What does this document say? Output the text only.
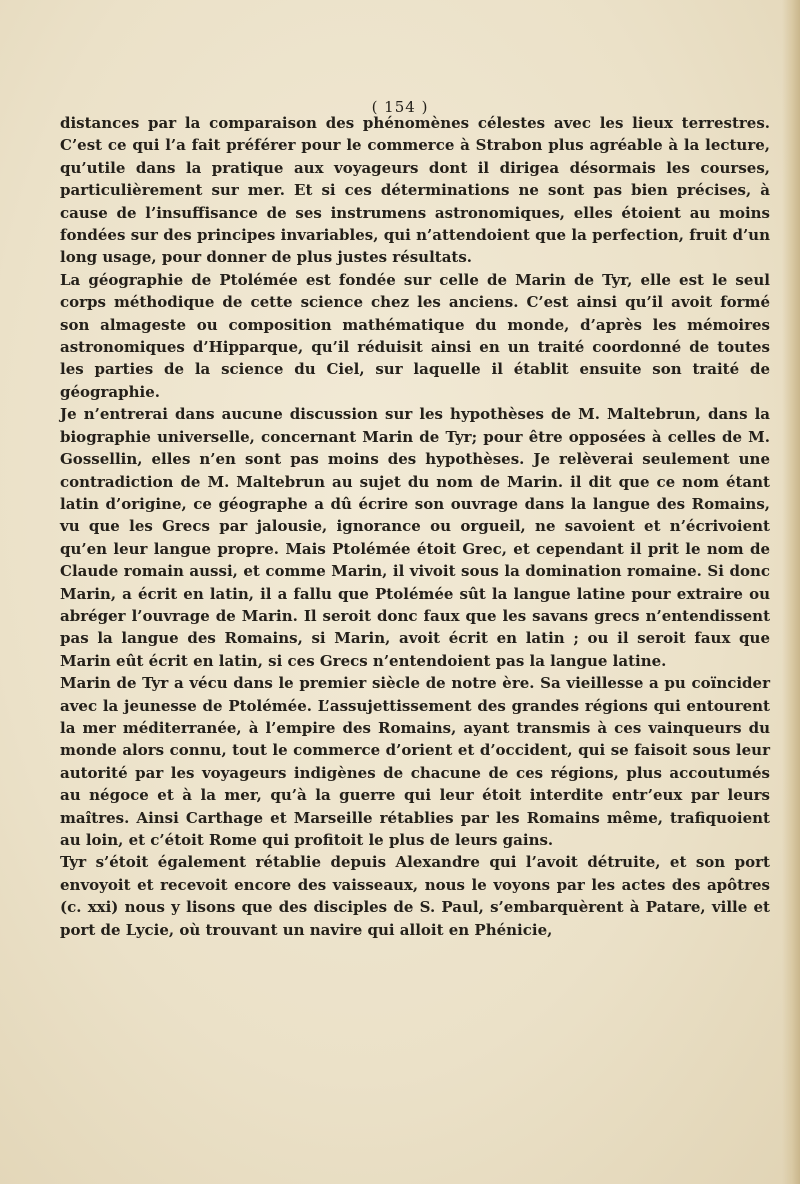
( 154 )

distances par la comparaison des phénomènes célestes avec les lieux terrestres. C’est ce qui l’a fait préférer pour le commerce à Strabon plus agréable à la lecture, qu’utile dans la pratique aux voyageurs dont il dirigea désormais les courses, particulièrement sur mer. Et si ces déterminations ne sont pas bien précises, à cause de l’insuffisance de ses instrumens astronomiques, elles étoient au moins fondées sur des principes invariables, qui n’attendoient que la perfection, fruit d’un long usage, pour donner de plus justes résultats.

La géographie de Ptolémée est fondée sur celle de Marin de Tyr, elle est le seul corps méthodique de cette science chez les anciens. C’est ainsi qu’il avoit formé son almageste ou composition mathématique du monde, d’après les mémoires astronomiques d’Hipparque, qu’il réduisit ainsi en un traité coordonné de toutes les parties de la science du Ciel, sur laquelle il établit ensuite son traité de géographie.

Je n’entrerai dans aucune discussion sur les hypothèses de M. Maltebrun, dans la biographie universelle, concernant Marin de Tyr; pour être opposées à celles de M. Gossellin, elles n’en sont pas moins des hypothèses. Je relèverai seulement une contradiction de M. Maltebrun au sujet du nom de Marin. il dit que ce nom étant latin d’origine, ce géographe a dû écrire son ouvrage dans la langue des Romains, vu que les Grecs par jalousie, ignorance ou orgueil, ne savoient et n’écrivoient qu’en leur langue propre. Mais Ptolémée étoit Grec, et cependant il prit le nom de Claude romain aussi, et comme Marin, il vivoit sous la domination romaine. Si donc Marin, a écrit en latin, il a fallu que Ptolémée sût la langue latine pour extraire ou abréger l’ouvrage de Marin. Il seroit donc faux que les savans grecs n’entendissent pas la langue des Romains, si Marin, avoit écrit en latin ; ou il seroit faux que Marin eût écrit en latin, si ces Grecs n’entendoient pas la langue latine.

Marin de Tyr a vécu dans le premier siècle de notre ère. Sa vieillesse a pu coïncider avec la jeunesse de Ptolémée. L’assujettissement des grandes régions qui entourent la mer méditerranée, à l’empire des Romains, ayant transmis à ces vainqueurs du monde alors connu, tout le commerce d’orient et d’occident, qui se faisoit sous leur autorité par les voyageurs indigènes de chacune de ces régions, plus accoutumés au négoce et à la mer, qu’à la guerre qui leur étoit interdite entr’eux par leurs maîtres. Ainsi Carthage et Marseille rétablies par les Romains même, trafiquoient au loin, et c’étoit Rome qui profitoit le plus de leurs gains.

Tyr s’étoit également rétablie depuis Alexandre qui l’avoit détruite, et son port envoyoit et recevoit encore des vaisseaux, nous le voyons par les actes des apôtres (c. xxi) nous y lisons que des disciples de S. Paul, s’embarquèrent à Patare, ville et port de Lycie, où trouvant un navire qui alloit en Phénicie,
